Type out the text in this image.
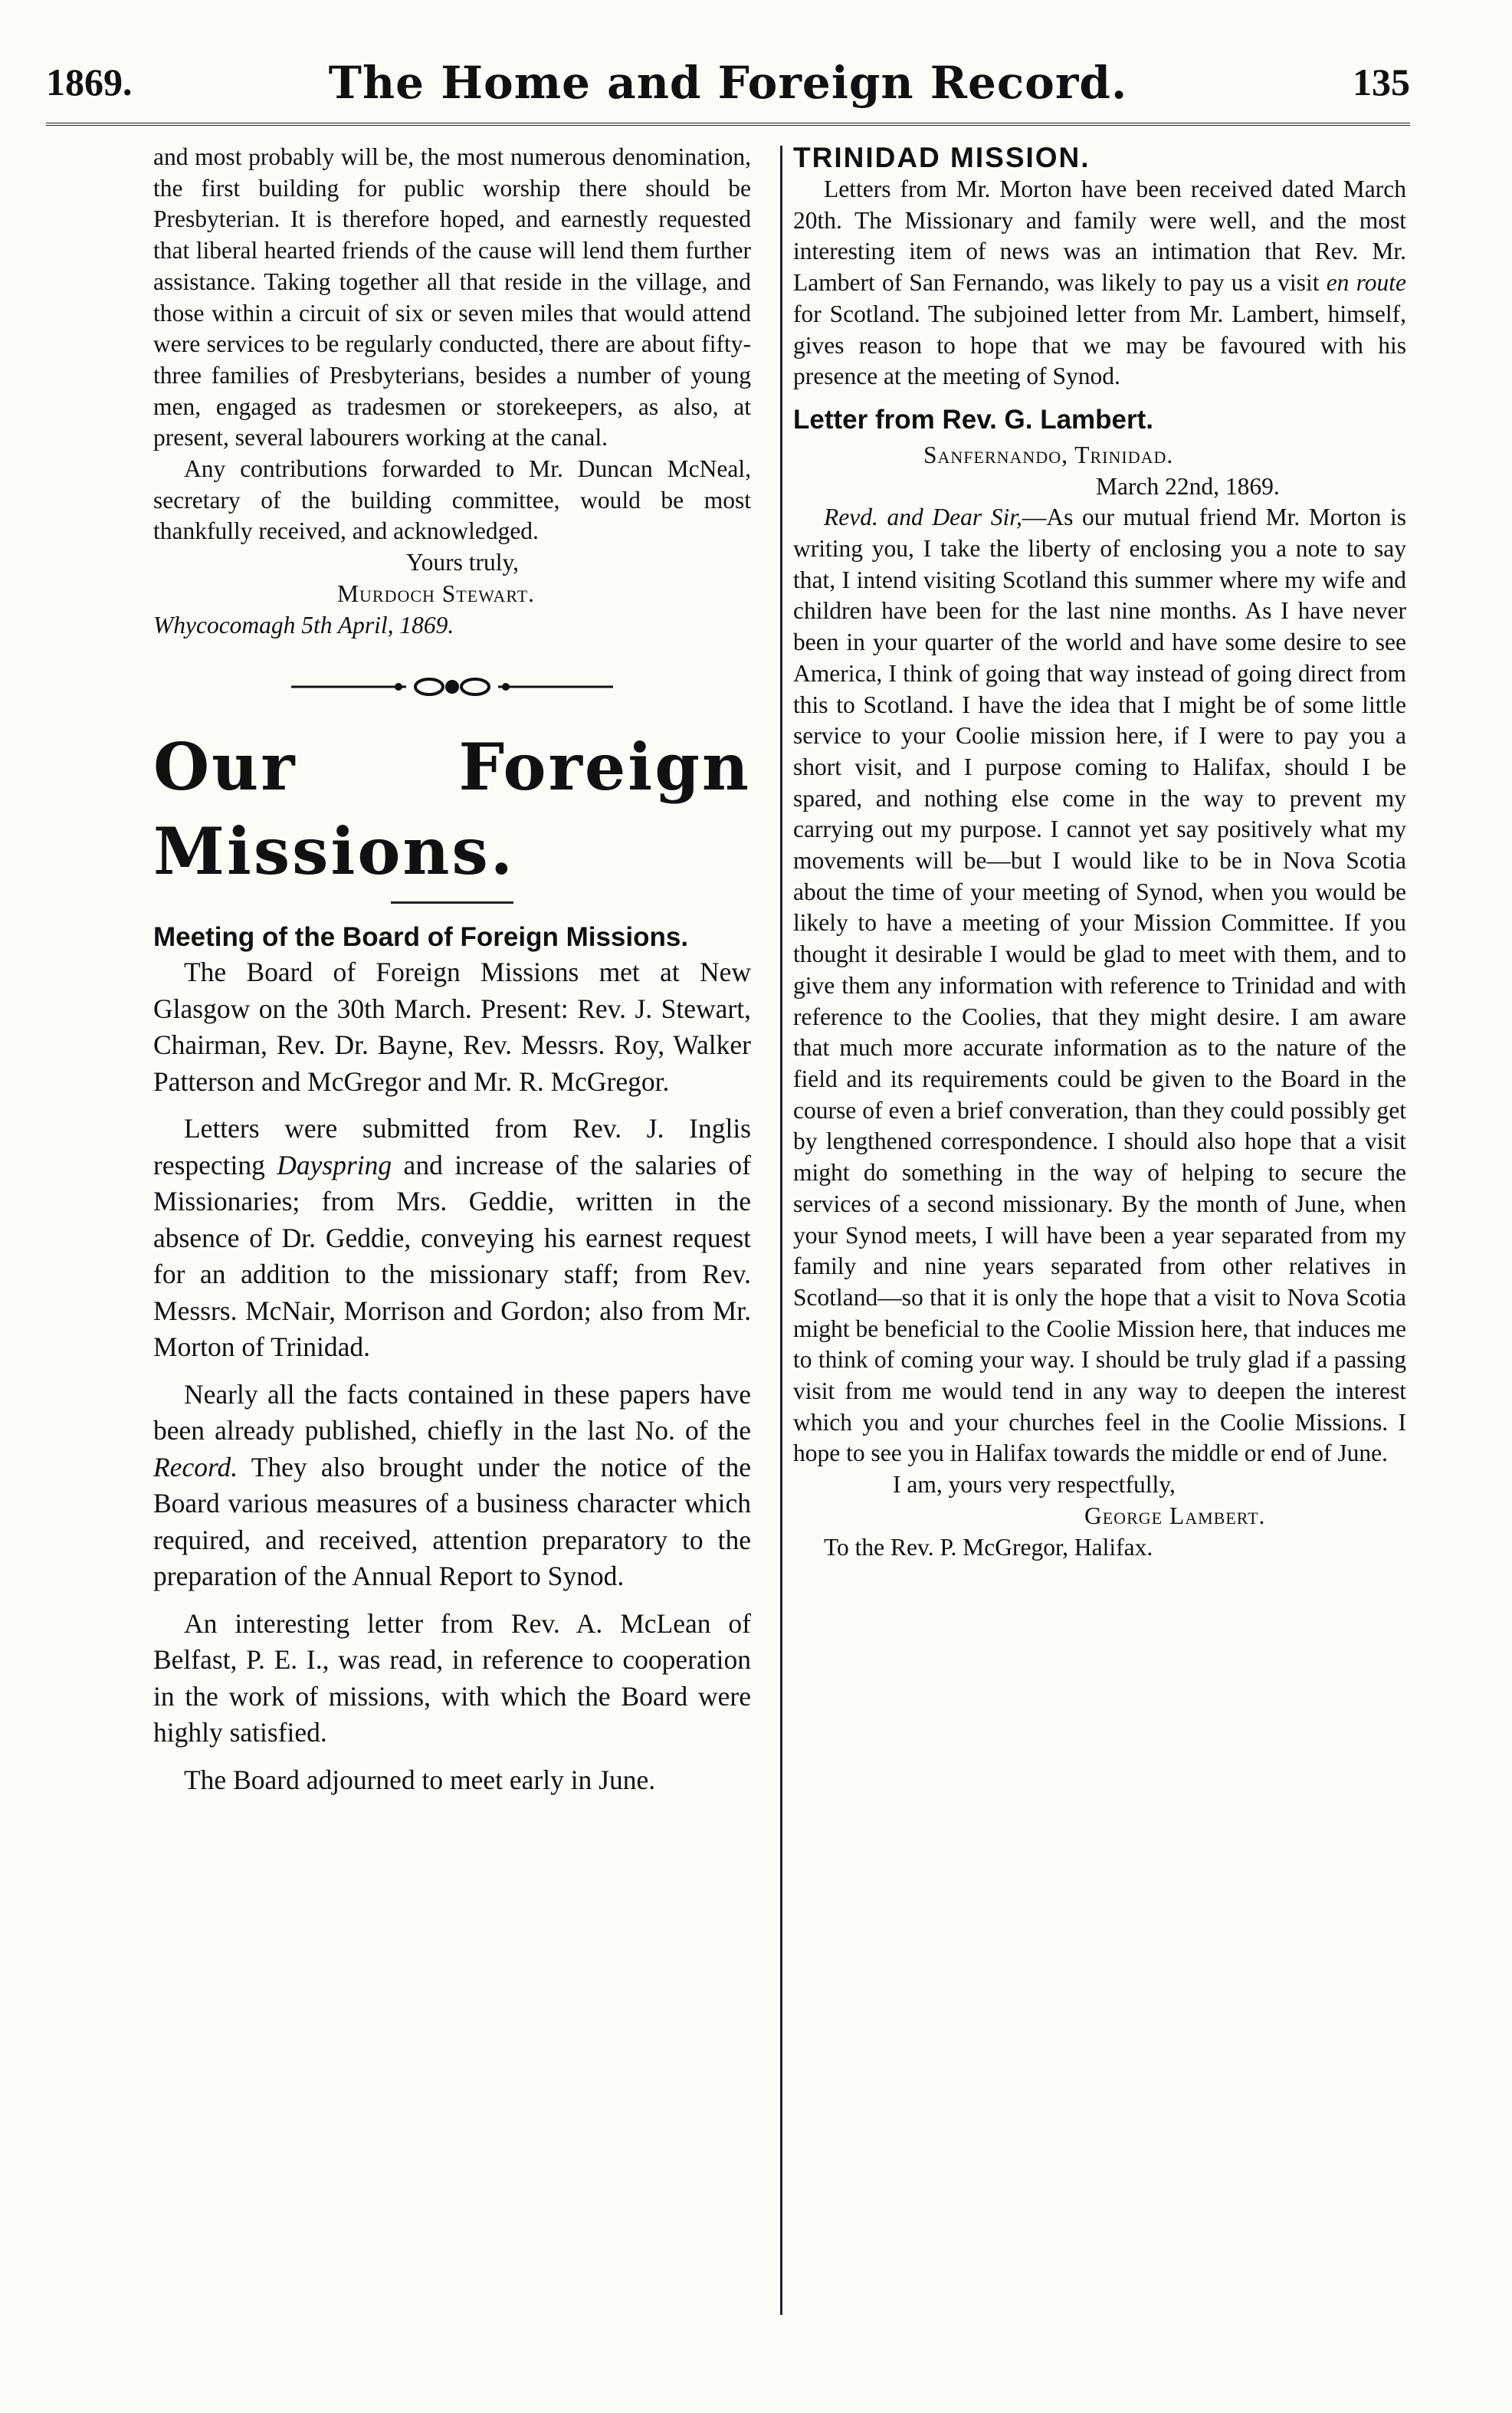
1869.	The Home and Foreign Record.	135

and most probably will be, the most numerous denomination, the first building for public worship there should be Presbyterian. It is therefore hoped, and earnestly requested that liberal hearted friends of the cause will lend them further assistance. Taking together all that reside in the village, and those within a circuit of six or seven miles that would attend were services to be regularly conducted, there are about fifty-three families of Presbyterians, besides a number of young men, engaged as tradesmen or storekeepers, as also, at present, several labourers working at the canal.

Any contributions forwarded to Mr. Duncan McNeal, secretary of the building committee, would be most thankfully received, and acknowledged.

Yours truly,

Murdoch Stewart.

Whycocomagh 5th April, 1869.

Our Foreign Missions.

Meeting of the Board of Foreign Missions.

The Board of Foreign Missions met at New Glasgow on the 30th March. Present: Rev. J. Stewart, Chairman, Rev. Dr. Bayne, Rev. Messrs. Roy, Walker Patterson and McGregor and Mr. R. McGregor.

Letters were submitted from Rev. J. Inglis respecting Dayspring and increase of the salaries of Missionaries; from Mrs. Geddie, written in the absence of Dr. Geddie, conveying his earnest request for an addition to the missionary staff; from Rev. Messrs. McNair, Morrison and Gordon; also from Mr. Morton of Trinidad.

Nearly all the facts contained in these papers have been already published, chiefly in the last No. of the Record. They also brought under the notice of the Board various measures of a business character which required, and received, attention preparatory to the preparation of the Annual Report to Synod.

An interesting letter from Rev. A. McLean of Belfast, P. E. I., was read, in reference to cooperation in the work of missions, with which the Board were highly satisfied.

The Board adjourned to meet early in June.

TRINIDAD MISSION.

Letters from Mr. Morton have been received dated March 20th. The Missionary and family were well, and the most interesting item of news was an intimation that Rev. Mr. Lambert of San Fernando, was likely to pay us a visit en route for Scotland. The subjoined letter from Mr. Lambert, himself, gives reason to hope that we may be favoured with his presence at the meeting of Synod.

Letter from Rev. G. Lambert.

Sanfernando, Trinidad.

March 22nd, 1869.

Revd. and Dear Sir,—As our mutual friend Mr. Morton is writing you, I take the liberty of enclosing you a note to say that, I intend visiting Scotland this summer where my wife and children have been for the last nine months. As I have never been in your quarter of the world and have some desire to see America, I think of going that way instead of going direct from this to Scotland. I have the idea that I might be of some little service to your Coolie mission here, if I were to pay you a short visit, and I purpose coming to Halifax, should I be spared, and nothing else come in the way to prevent my carrying out my purpose. I cannot yet say positively what my movements will be—but I would like to be in Nova Scotia about the time of your meeting of Synod, when you would be likely to have a meeting of your Mission Committee. If you thought it desirable I would be glad to meet with them, and to give them any information with reference to Trinidad and with reference to the Coolies, that they might desire. I am aware that much more accurate information as to the nature of the field and its requirements could be given to the Board in the course of even a brief converation, than they could possibly get by lengthened correspondence. I should also hope that a visit might do something in the way of helping to secure the services of a second missionary. By the month of June, when your Synod meets, I will have been a year separated from my family and nine years separated from other relatives in Scotland—so that it is only the hope that a visit to Nova Scotia might be beneficial to the Coolie Mission here, that induces me to think of coming your way. I should be truly glad if a passing visit from me would tend in any way to deepen the interest which you and your churches feel in the Coolie Missions. I hope to see you in Halifax towards the middle or end of June.

I am, yours very respectfully,

George Lambert.

To the Rev. P. McGregor, Halifax.
